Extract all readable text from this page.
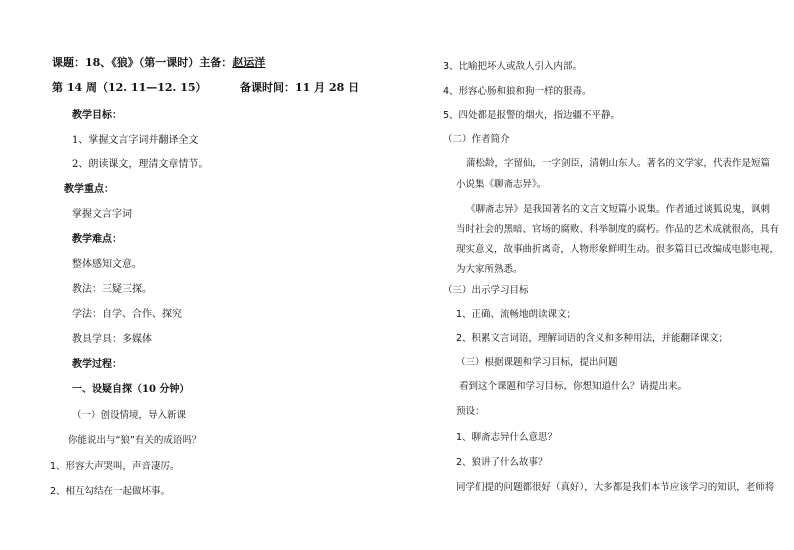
课题：18、《狼》（第一课时）主备：赵运洋
第 14 周（12. 11—12. 15）	备课时间：11 月 28 日
教学目标：
1、掌握文言字词并翻译全文
2、朗读课文，理清文章情节。
教学重点：
掌握文言字词
教学难点：
整体感知文意。
教法：三疑三探。
学法：自学、合作、探究
教具学具：多媒体
教学过程：
一、设疑自探（10 分钟）
（一）创设情境，导入新课
你能说出与“狼”有关的成语吗？
1、形容大声哭叫，声音凄厉。
2、相互勾结在一起做坏事。
3、比喻把坏人或敌人引入内部。
4、形容心肠和狼和狗一样的狠毒。
5、四处都是报警的烟火，指边疆不平静。
（二）作者简介
蒲松龄，字留仙，一字剑臣，清朝山东人。著名的文学家，代表作是短篇
小说集《聊斋志异》。
《聊斋志异》是我国著名的文言文短篇小说集。作者通过谈狐说鬼，讽刺
当时社会的黑暗、官场的腐败、科举制度的腐朽。作品的艺术成就很高，具有
现实意义，故事曲折离奇，人物形象鲜明生动。很多篇目已改编成电影电视，
为大家所熟悉。
（三）出示学习目标
1、正确、流畅地朗读课文；
2、积累文言词语，理解词语的含义和多种用法，并能翻译课文；
（三）根据课题和学习目标，提出问题
看到这个课题和学习目标，你想知道什么？请提出来。
预设：
1、聊斋志异什么意思？
2、狼讲了什么故事？
同学们提的问题都很好（真好），大多都是我们本节应该学习的知识，老师将
